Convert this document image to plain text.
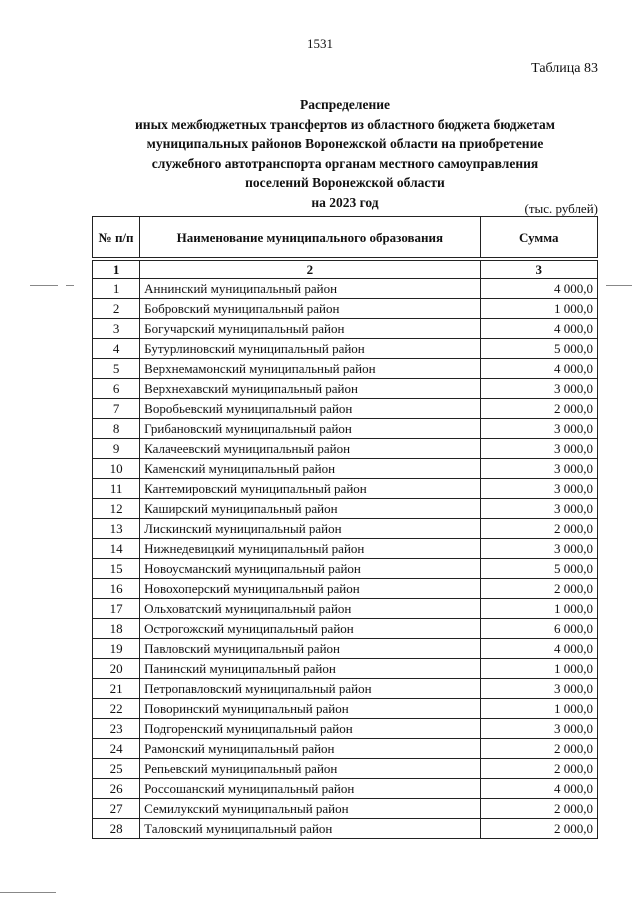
1531
Таблица 83
Распределение
иных межбюджетных трансфертов из областного бюджета бюджетам
муниципальных районов Воронежской области на приобретение
служебного автотранспорта органам местного самоуправления
поселений Воронежской области
на 2023 год	(тыс. рублей)
№ п/п	Наименование муниципального образования	Сумма

1	2	3
1	Аннинский муниципальный район	4 000,0
2	Бобровский муниципальный район	1 000,0
3	Богучарский муниципальный район	4 000,0
4	Бутурлиновский муниципальный район	5 000,0
5	Верхнемамонский муниципальный район	4 000,0
6	Верхнехавский муниципальный район	3 000,0
7	Воробьевский муниципальный район	2 000,0
8	Грибановский муниципальный район	3 000,0
9	Калачеевский муниципальный район	3 000,0
10	Каменский муниципальный район	3 000,0
11	Кантемировский муниципальный район	3 000,0
12	Каширский муниципальный район	3 000,0
13	Лискинский муниципальный район	2 000,0
14	Нижнедевицкий муниципальный район	3 000,0
15	Новоусманский муниципальный район	5 000,0
16	Новохоперский муниципальный район	2 000,0
17	Ольховатский муниципальный район	1 000,0
18	Острогожский муниципальный район	6 000,0
19	Павловский муниципальный район	4 000,0
20	Панинский муниципальный район	1 000,0
21	Петропавловский муниципальный район	3 000,0
22	Поворинский муниципальный район	1 000,0
23	Подгоренский муниципальный район	3 000,0
24	Рамонский муниципальный район	2 000,0
25	Репьевский муниципальный район	2 000,0
26	Россошанский муниципальный район	4 000,0
27	Семилукский муниципальный район	2 000,0
28	Таловский муниципальный район	2 000,0
